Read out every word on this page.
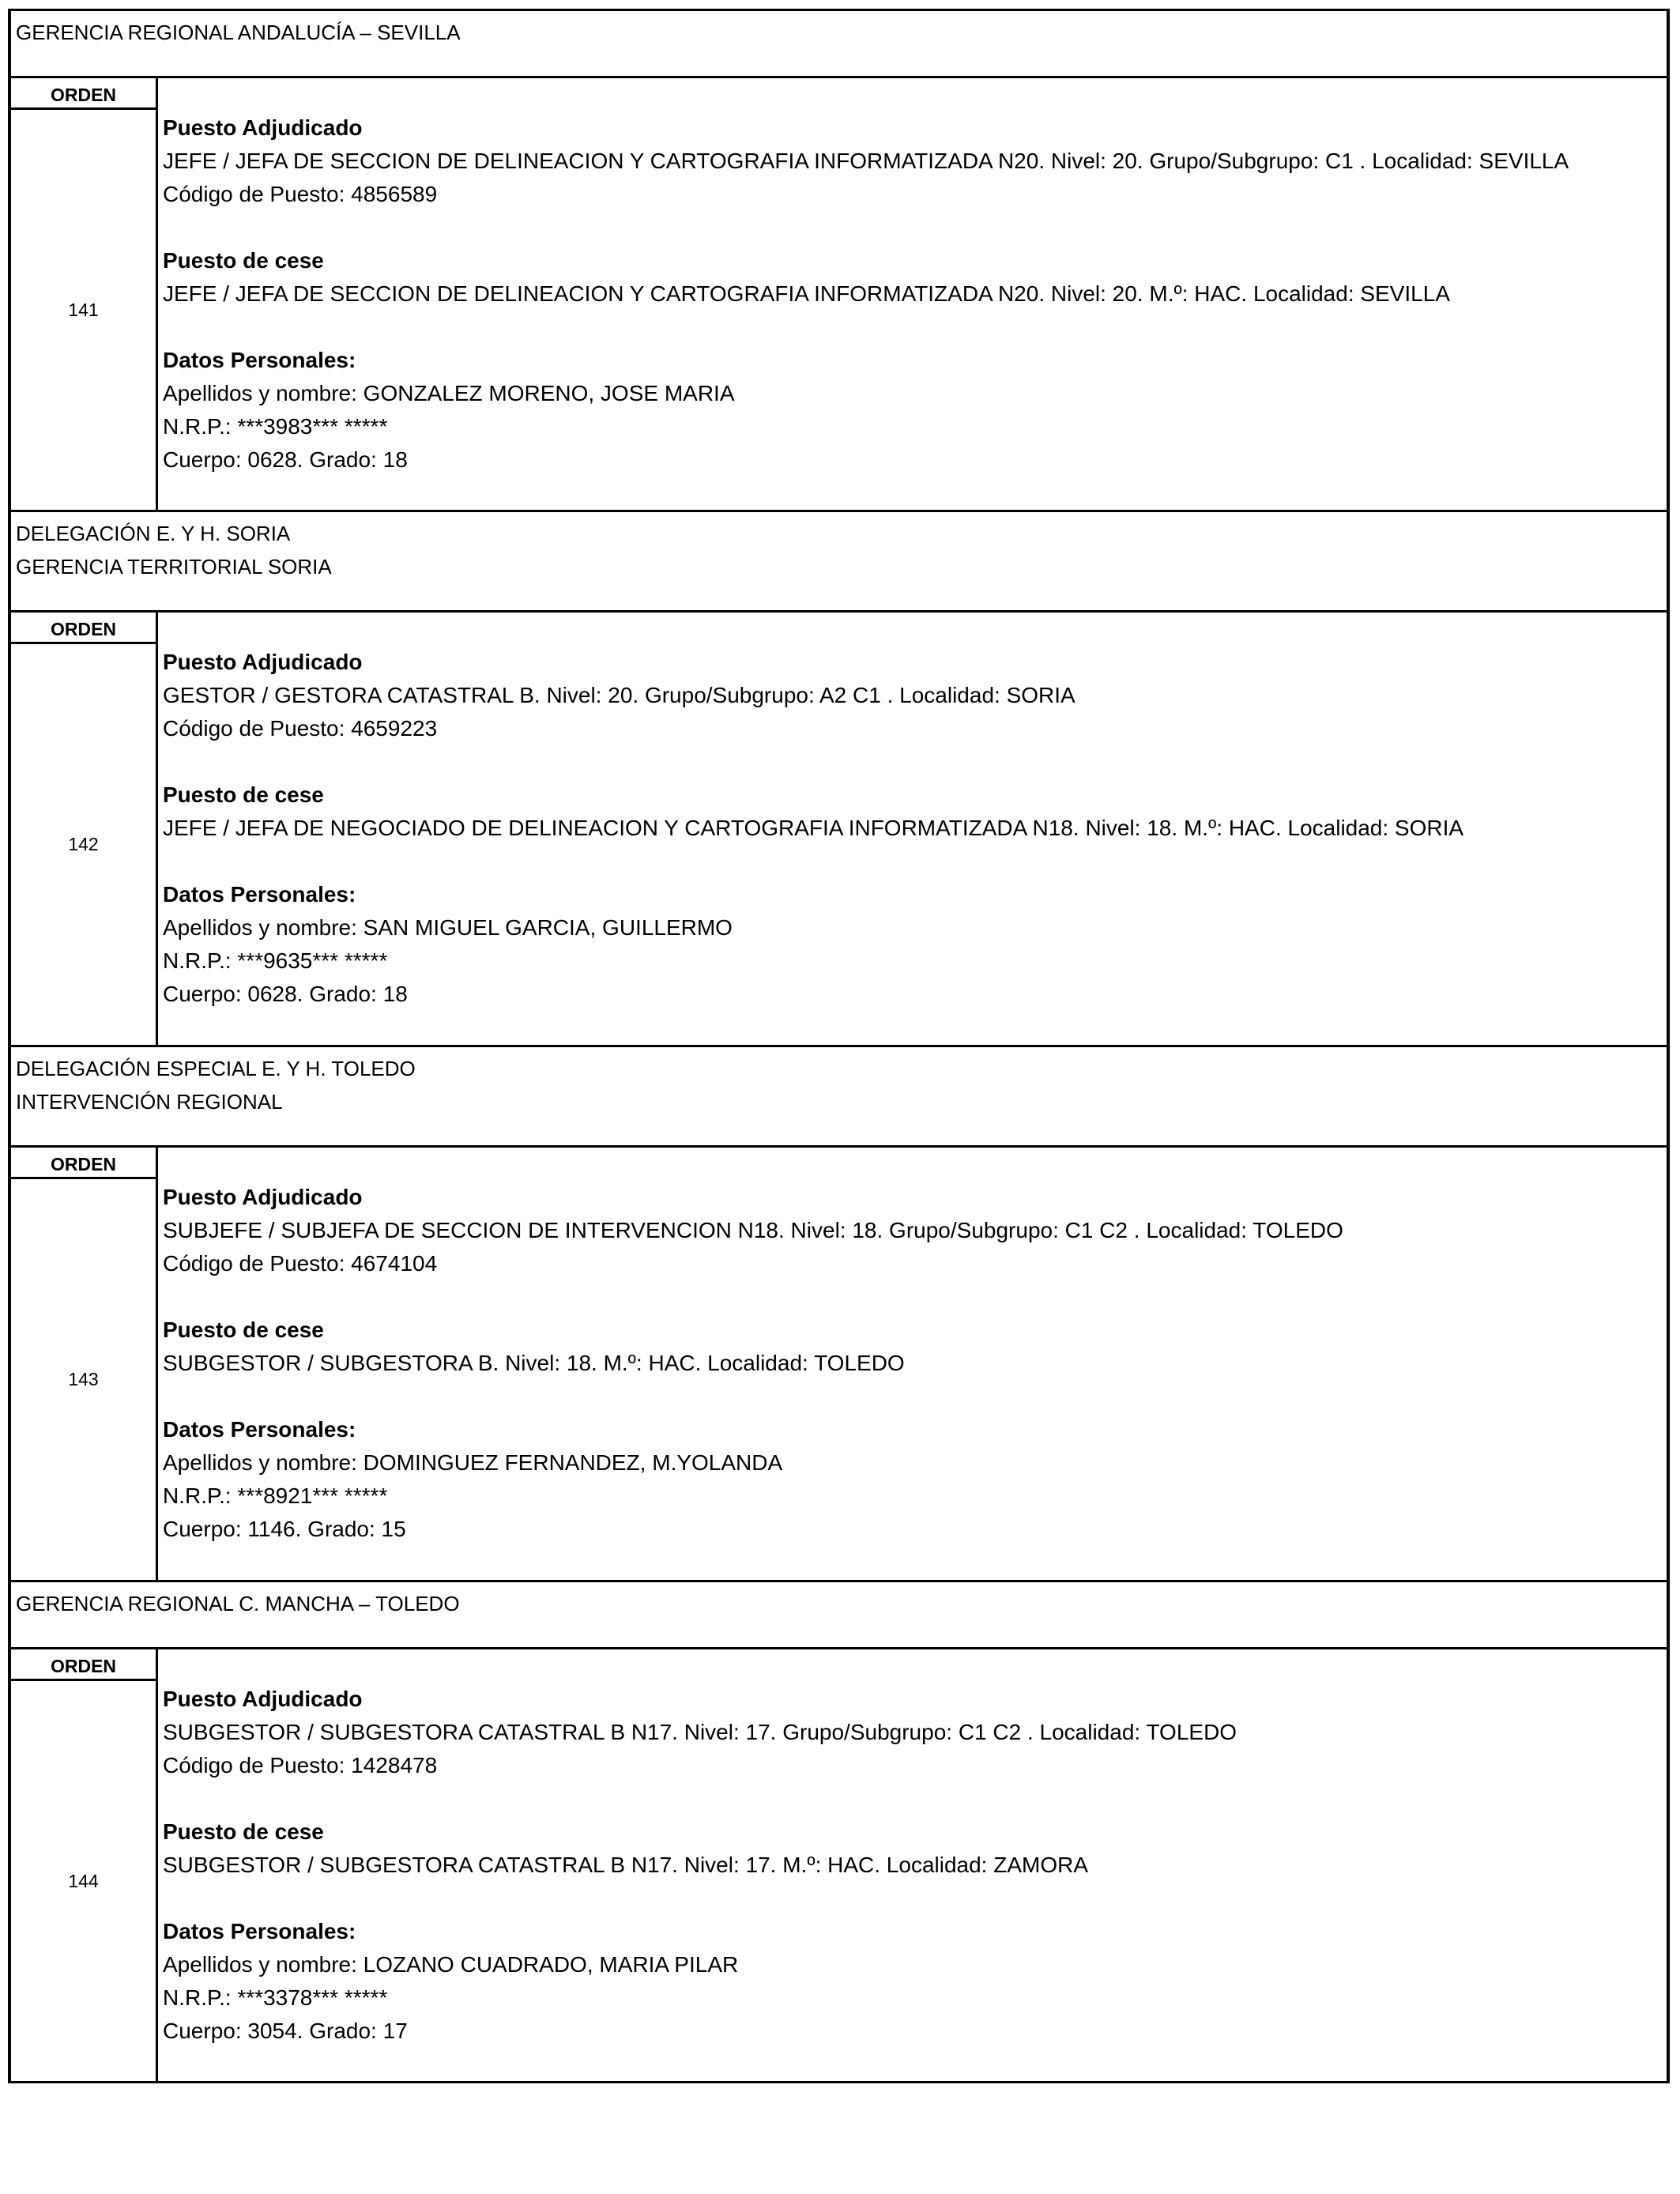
GERENCIA REGIONAL ANDALUCÍA – SEVILLA
ORDEN
141
Puesto Adjudicado
JEFE / JEFA DE SECCION DE DELINEACION Y CARTOGRAFIA INFORMATIZADA N20. Nivel: 20. Grupo/Subgrupo: C1 . Localidad: SEVILLA
Código de Puesto: 4856589
Puesto de cese
JEFE / JEFA DE SECCION DE DELINEACION Y CARTOGRAFIA INFORMATIZADA N20. Nivel: 20. M.º: HAC. Localidad: SEVILLA
Datos Personales:
Apellidos y nombre: GONZALEZ MORENO, JOSE MARIA
N.R.P.: ***3983*** *****
Cuerpo: 0628. Grado: 18
DELEGACIÓN E. Y H. SORIA
GERENCIA TERRITORIAL SORIA
ORDEN
142
Puesto Adjudicado
GESTOR / GESTORA CATASTRAL B. Nivel: 20. Grupo/Subgrupo: A2 C1 . Localidad: SORIA
Código de Puesto: 4659223
Puesto de cese
JEFE / JEFA DE NEGOCIADO DE DELINEACION Y CARTOGRAFIA INFORMATIZADA N18. Nivel: 18. M.º: HAC. Localidad: SORIA
Datos Personales:
Apellidos y nombre: SAN MIGUEL GARCIA, GUILLERMO
N.R.P.: ***9635*** *****
Cuerpo: 0628. Grado: 18
DELEGACIÓN ESPECIAL E. Y H. TOLEDO
INTERVENCIÓN REGIONAL
ORDEN
143
Puesto Adjudicado
SUBJEFE / SUBJEFA DE SECCION DE INTERVENCION N18. Nivel: 18. Grupo/Subgrupo: C1 C2 . Localidad: TOLEDO
Código de Puesto: 4674104
Puesto de cese
SUBGESTOR / SUBGESTORA B. Nivel: 18. M.º: HAC. Localidad: TOLEDO
Datos Personales:
Apellidos y nombre: DOMINGUEZ FERNANDEZ, M.YOLANDA
N.R.P.: ***8921*** *****
Cuerpo: 1146. Grado: 15
GERENCIA REGIONAL C. MANCHA – TOLEDO
ORDEN
144
Puesto Adjudicado
SUBGESTOR / SUBGESTORA CATASTRAL B N17. Nivel: 17. Grupo/Subgrupo: C1 C2 . Localidad: TOLEDO
Código de Puesto: 1428478
Puesto de cese
SUBGESTOR / SUBGESTORA CATASTRAL B N17. Nivel: 17. M.º: HAC. Localidad: ZAMORA
Datos Personales:
Apellidos y nombre: LOZANO CUADRADO, MARIA PILAR
N.R.P.: ***3378*** *****
Cuerpo: 3054. Grado: 17
